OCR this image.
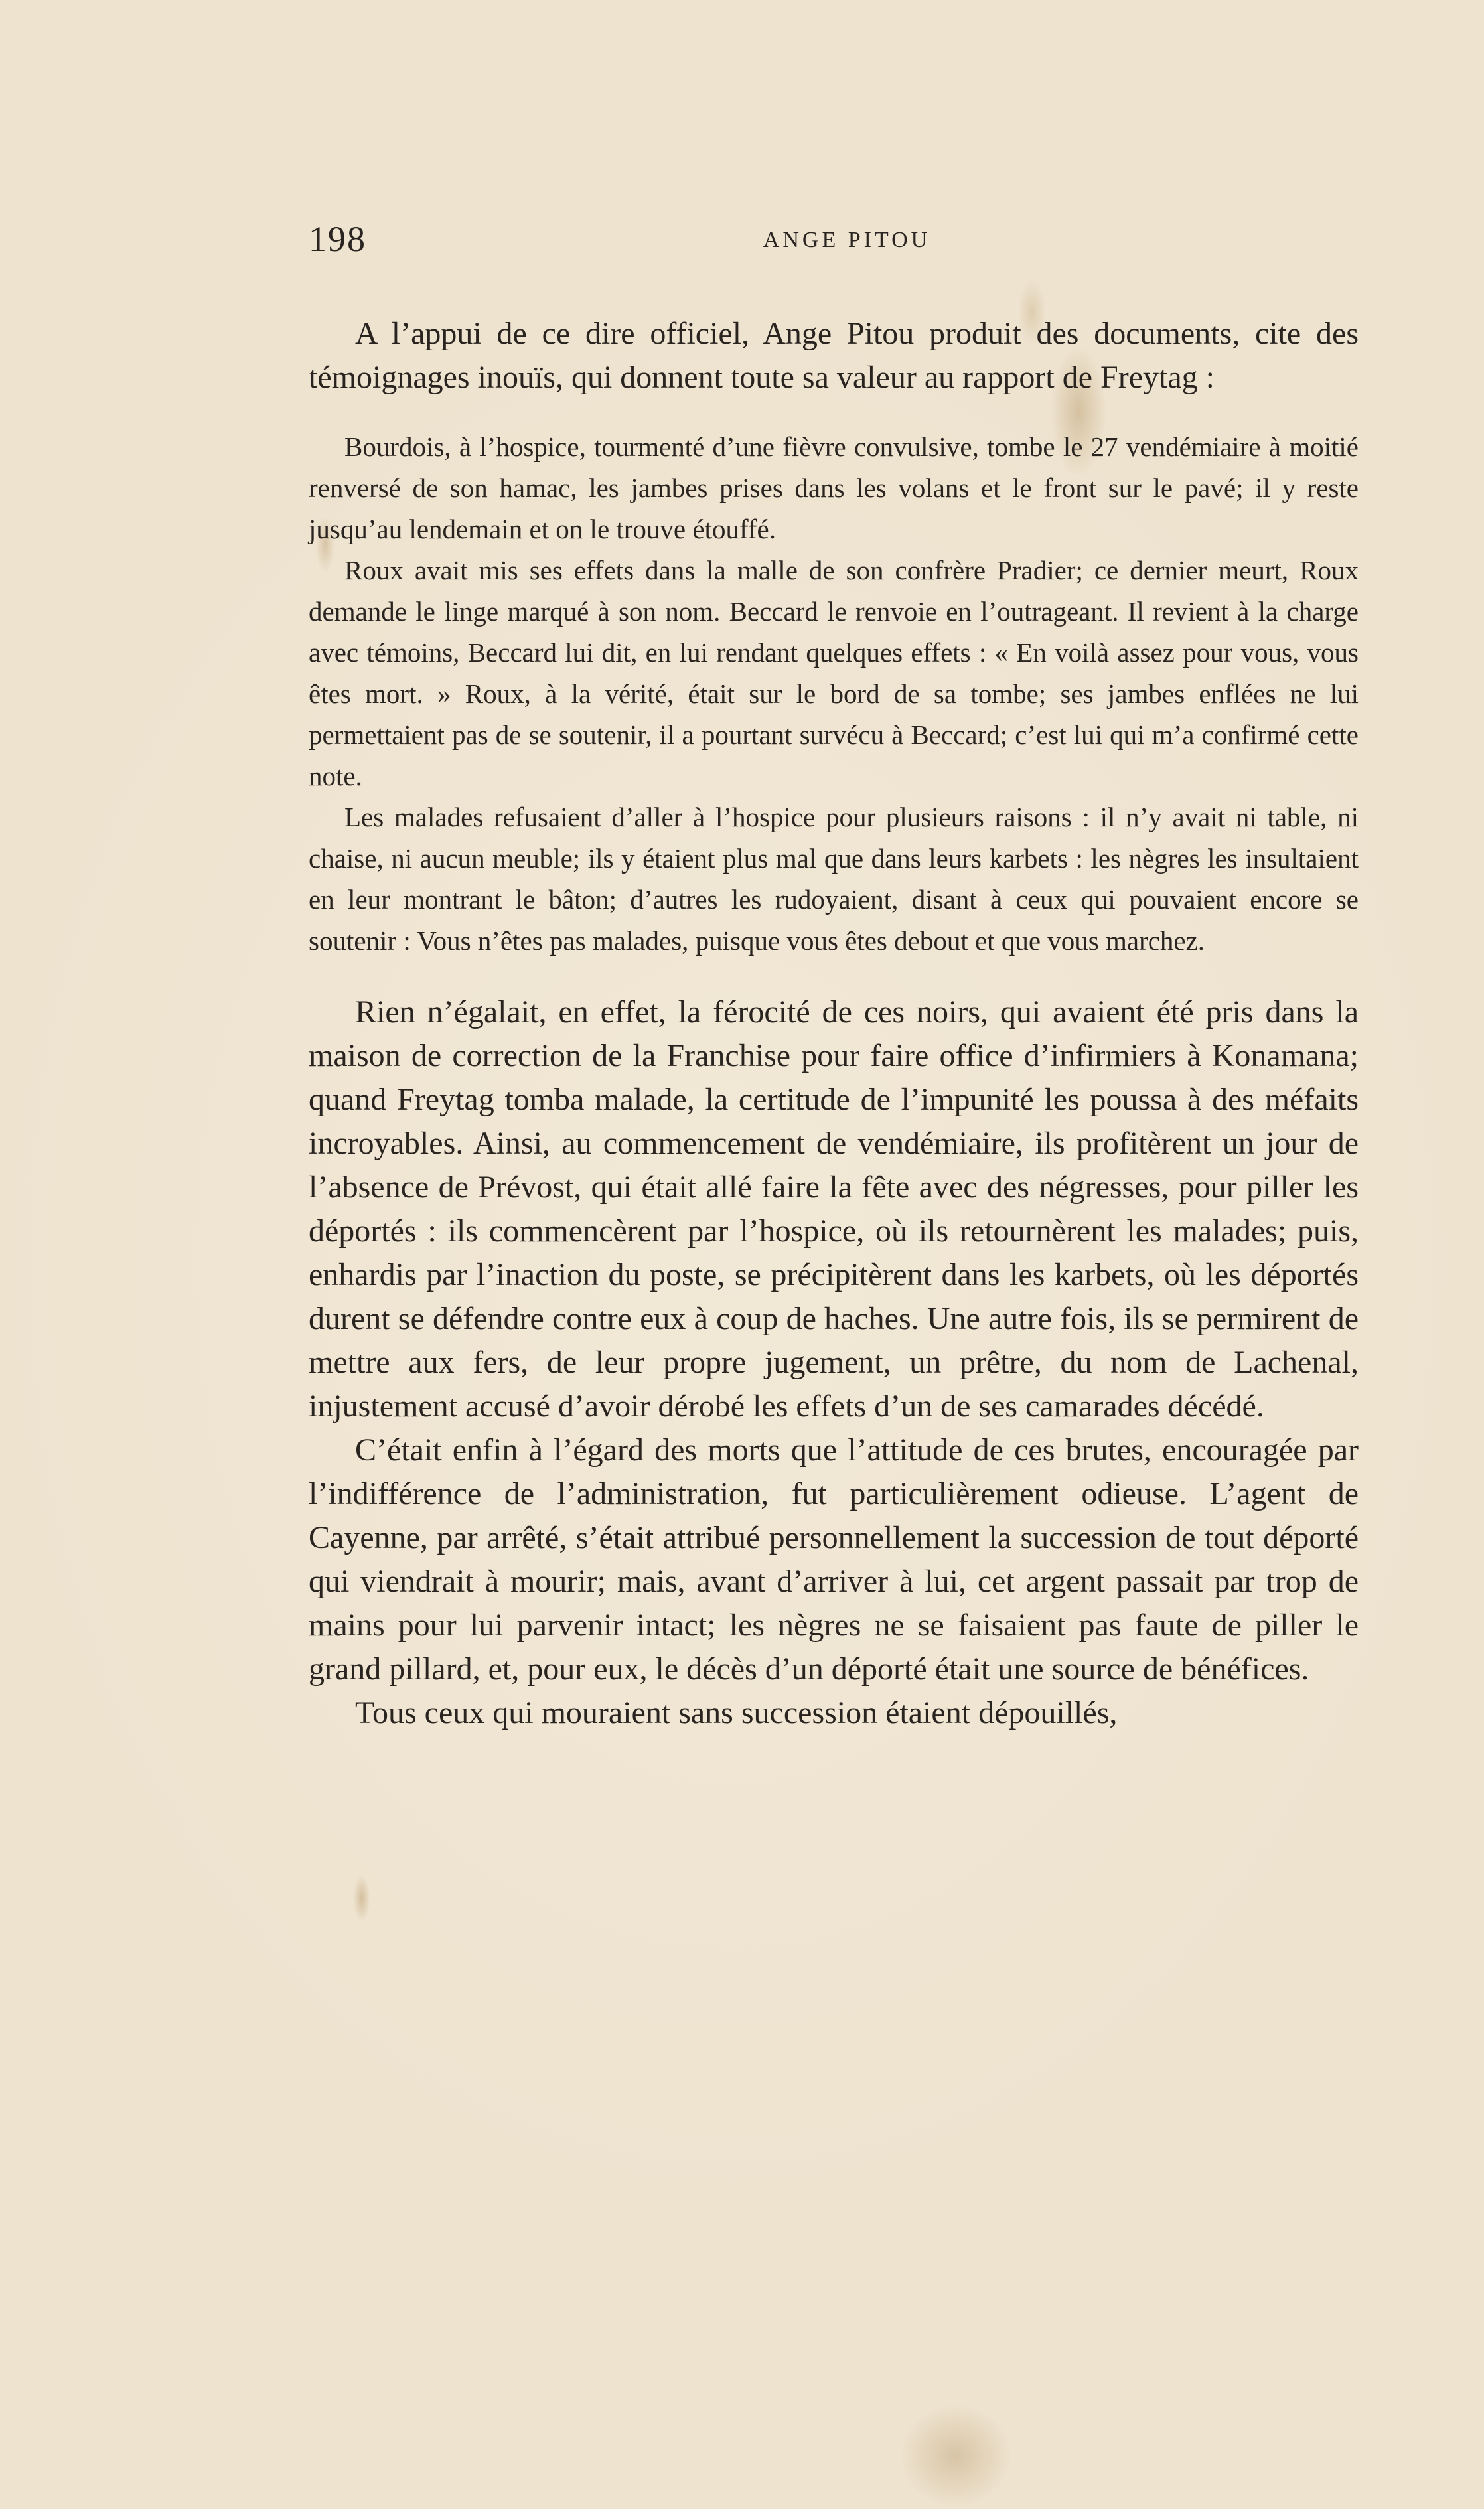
198	ANGE PITOU

A l’appui de ce dire officiel, Ange Pitou produit des documents, cite des témoignages inouïs, qui donnent toute sa valeur au rapport de Freytag :

Bourdois, à l’hospice, tourmenté d’une fièvre convulsive, tombe le 27 vendémiaire à moitié renversé de son hamac, les jambes prises dans les volans et le front sur le pavé; il y reste jusqu’au lendemain et on le trouve étouffé.

Roux avait mis ses effets dans la malle de son confrère Pradier; ce dernier meurt, Roux demande le linge marqué à son nom. Beccard le renvoie en l’outrageant. Il revient à la charge avec témoins, Beccard lui dit, en lui rendant quelques effets : « En voilà assez pour vous, vous êtes mort. » Roux, à la vérité, était sur le bord de sa tombe; ses jambes enflées ne lui permettaient pas de se soutenir, il a pourtant survécu à Beccard; c’est lui qui m’a confirmé cette note.

Les malades refusaient d’aller à l’hospice pour plusieurs raisons : il n’y avait ni table, ni chaise, ni aucun meuble; ils y étaient plus mal que dans leurs karbets : les nègres les insultaient en leur montrant le bâton; d’autres les rudoyaient, disant à ceux qui pouvaient encore se soutenir : Vous n’êtes pas malades, puisque vous êtes debout et que vous marchez.

Rien n’égalait, en effet, la férocité de ces noirs, qui avaient été pris dans la maison de correction de la Franchise pour faire office d’infirmiers à Konamana; quand Freytag tomba malade, la certitude de l’impunité les poussa à des méfaits incroyables. Ainsi, au commencement de vendémiaire, ils profitèrent un jour de l’absence de Prévost, qui était allé faire la fête avec des négresses, pour piller les déportés : ils commencèrent par l’hospice, où ils retournèrent les malades; puis, enhardis par l’inaction du poste, se précipitèrent dans les karbets, où les déportés durent se défendre contre eux à coup de haches. Une autre fois, ils se permirent de mettre aux fers, de leur propre jugement, un prêtre, du nom de Lachenal, injustement accusé d’avoir dérobé les effets d’un de ses camarades décédé.

C’était enfin à l’égard des morts que l’attitude de ces brutes, encouragée par l’indifférence de l’administration, fut particulièrement odieuse. L’agent de Cayenne, par arrêté, s’était attribué personnellement la succession de tout déporté qui viendrait à mourir; mais, avant d’arriver à lui, cet argent passait par trop de mains pour lui parvenir intact; les nègres ne se faisaient pas faute de piller le grand pillard, et, pour eux, le décès d’un déporté était une source de bénéfices.

Tous ceux qui mouraient sans succession étaient dépouillés,
